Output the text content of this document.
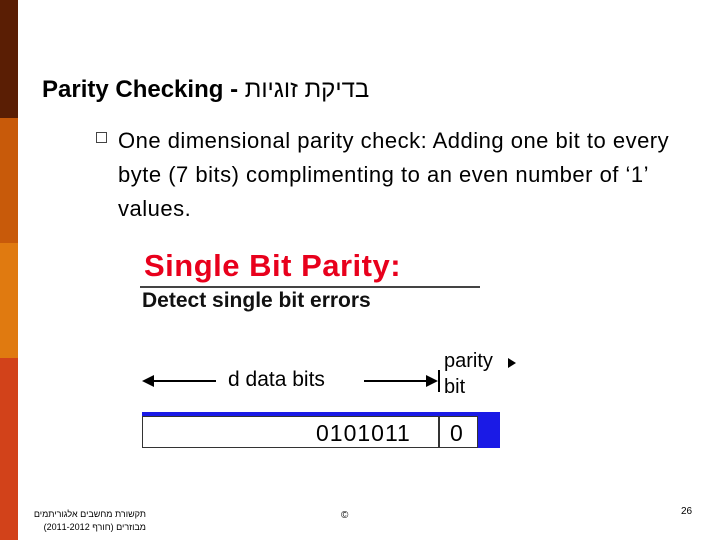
Parity Checking - בדיקת זוגיות
One dimensional parity check: Adding one bit to every byte (7 bits) complimenting to an even number of ‘1’ values.
Single Bit Parity:
Detect single bit errors
d data bits
parity
bit
0101011 0
תקשורת מחשבים אלגוריתמים
מבוזרים (חורף 2011-2012)
©	26
